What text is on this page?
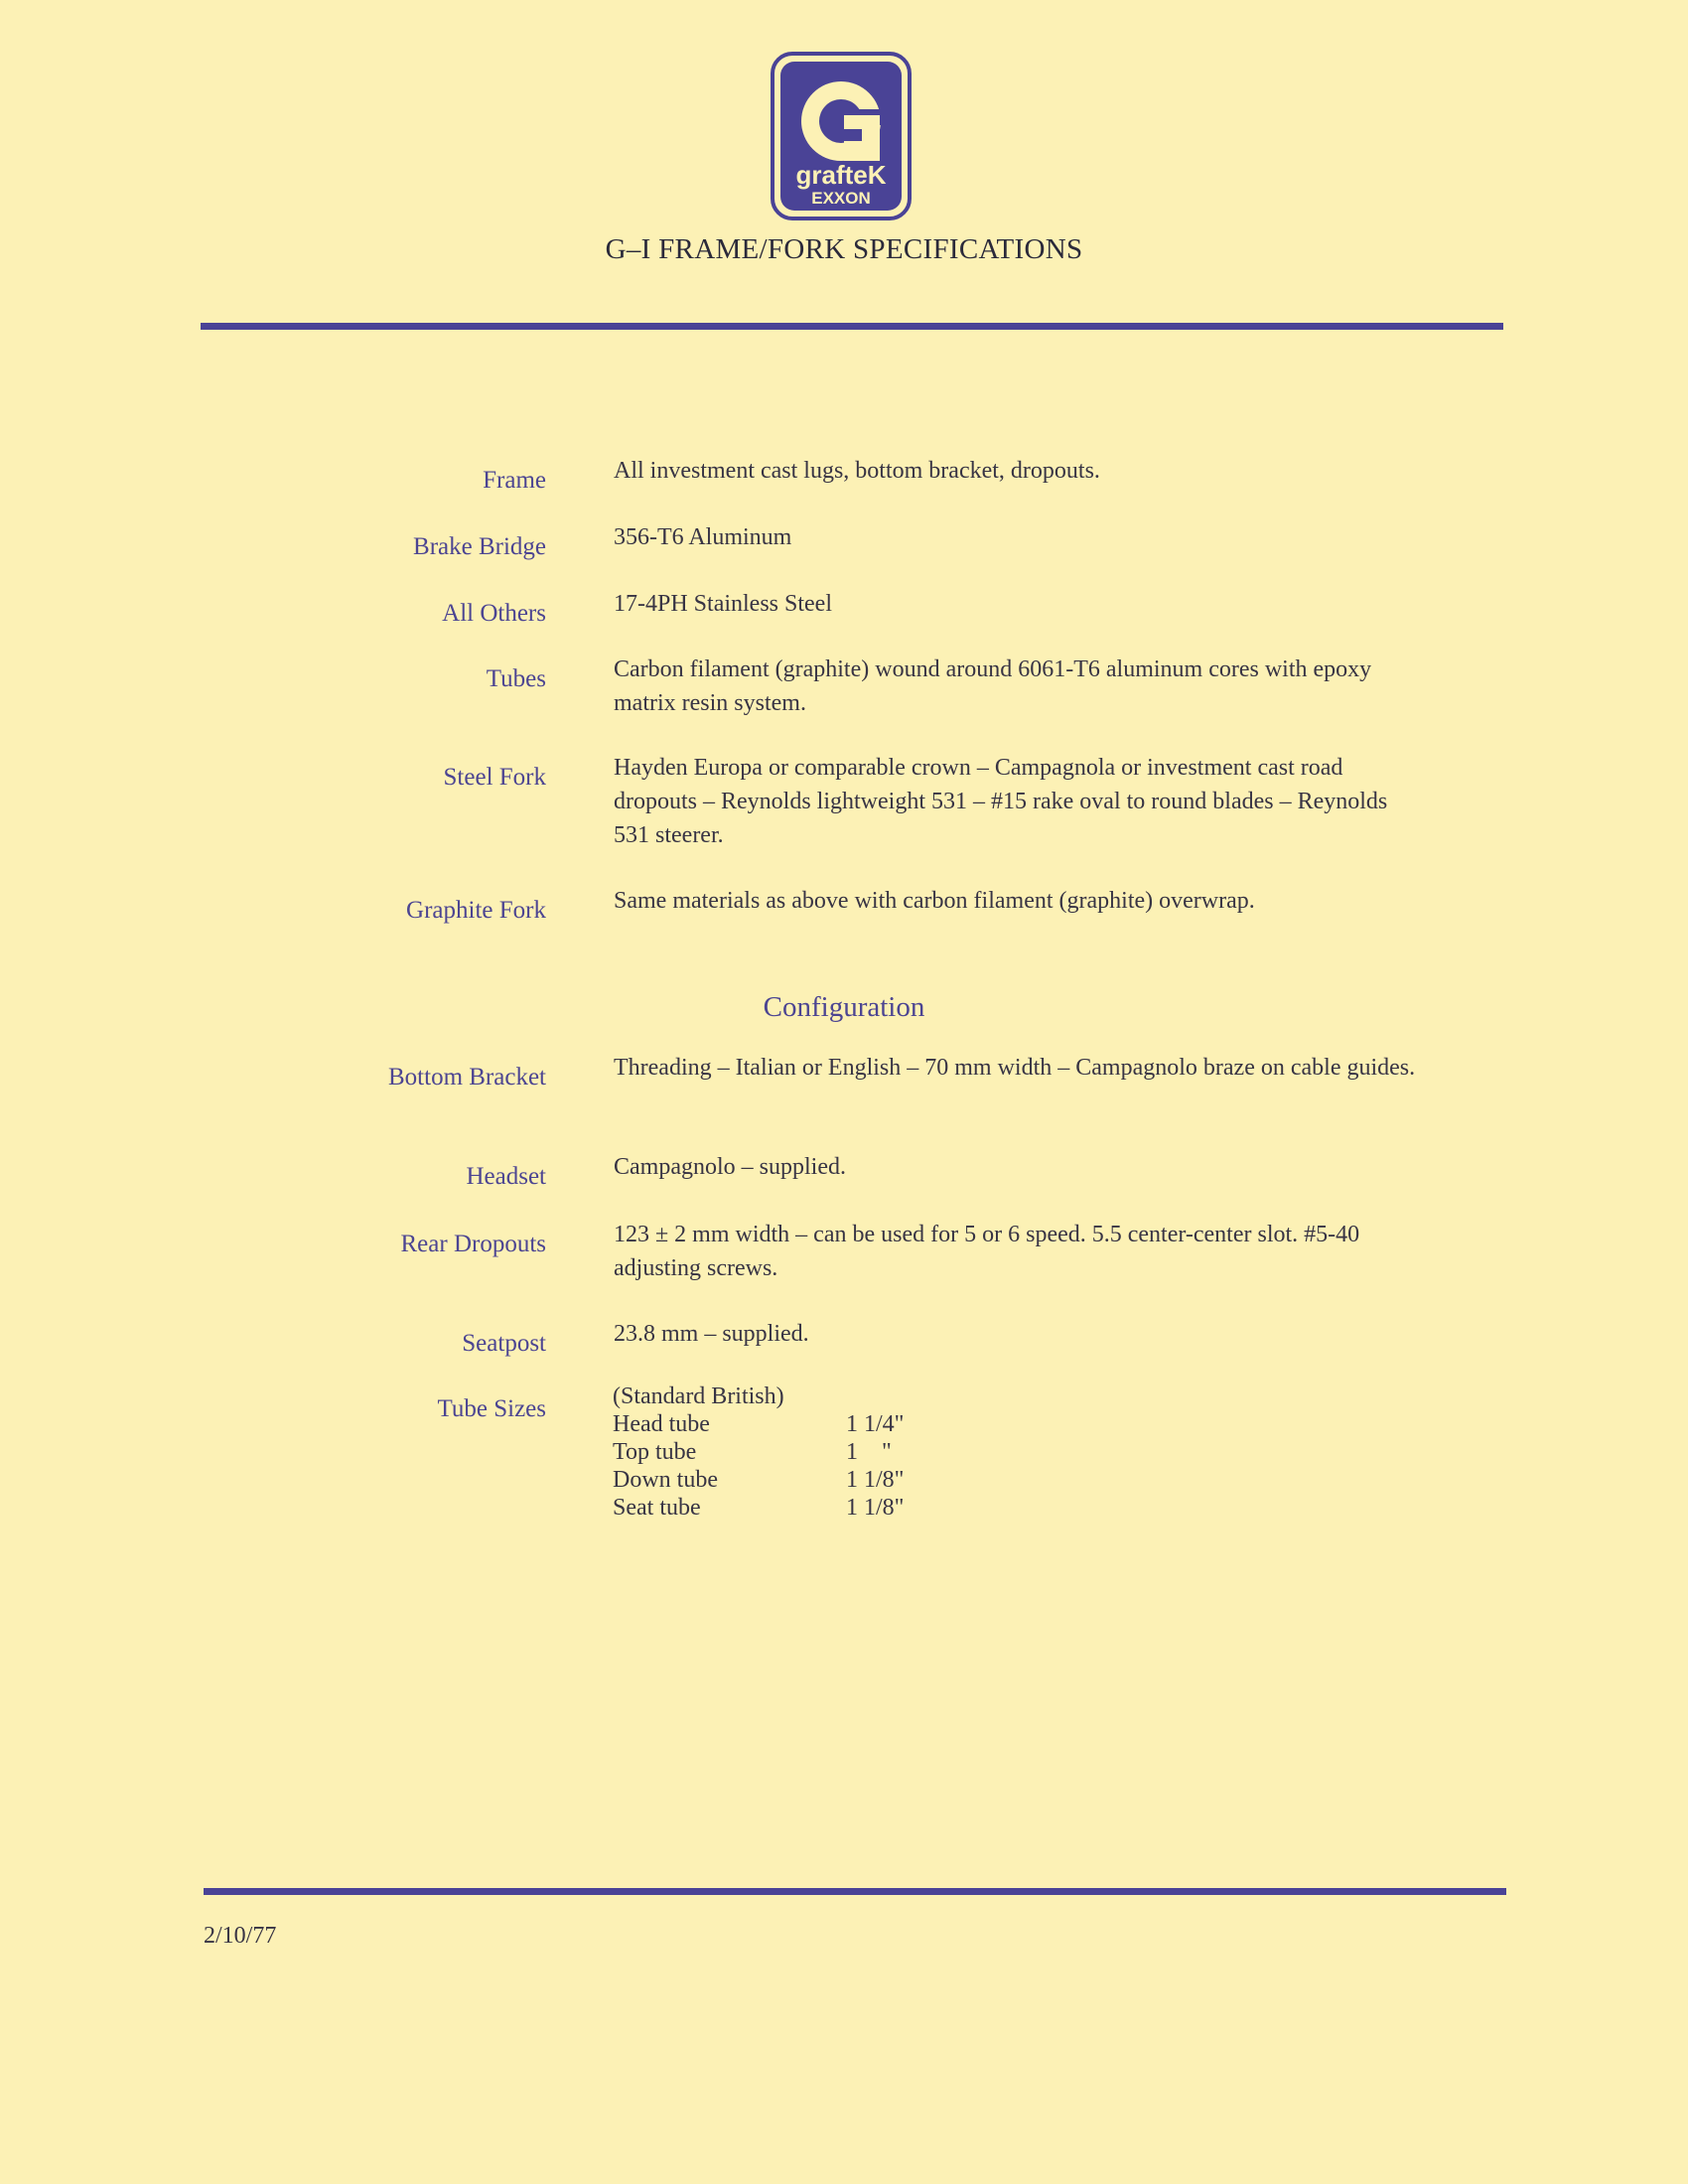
grafteK
EXXON
G–I FRAME/FORK SPECIFICATIONS
Frame	All investment cast lugs, bottom bracket, dropouts.
Brake Bridge	356-T6 Aluminum
All Others	17-4PH Stainless Steel
Tubes	Carbon filament (graphite) wound around 6061-T6 aluminum cores with epoxy matrix resin system.
Steel Fork	Hayden Europa or comparable crown – Campagnola or investment cast road dropouts – Reynolds lightweight 531 – #15 rake oval to round blades – Reynolds 531 steerer.
Graphite Fork	Same materials as above with carbon filament (graphite) overwrap.
Configuration
Bottom Bracket	Threading – Italian or English – 70 mm width – Campagnolo braze on cable guides.
Headset	Campagnolo – supplied.
Rear Dropouts	123 ± 2 mm width – can be used for 5 or 6 speed. 5.5 center-center slot. #5-40 adjusting screws.
Seatpost	23.8 mm – supplied.
Tube Sizes	(Standard British)
Head tube	1 1/4"
Top tube	1    "
Down tube	1 1/8"
Seat tube	1 1/8"
2/10/77
